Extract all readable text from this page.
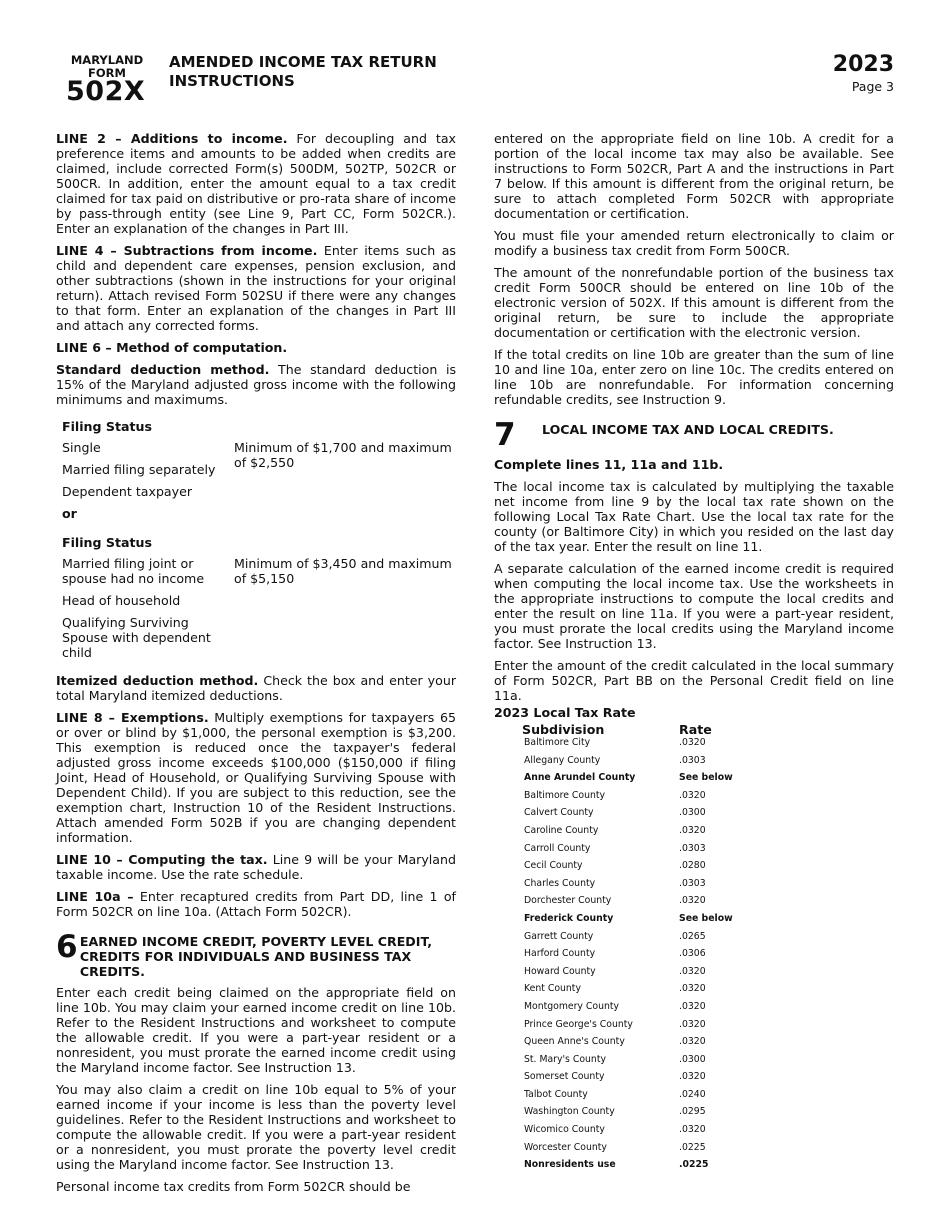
MARYLAND
FORM
502X
AMENDED INCOME TAX RETURN
INSTRUCTIONS
2023
Page 3

LINE 2 – Additions to income. For decoupling and tax preference items and amounts to be added when credits are claimed, include corrected Form(s) 500DM, 502TP, 502CR or 500CR. In addition, enter the amount equal to a tax credit claimed for tax paid on distributive or pro-rata share of income by pass-through entity (see Line 9, Part CC, Form 502CR.). Enter an explanation of the changes in Part III.

LINE 4 – Subtractions from income. Enter items such as child and dependent care expenses, pension exclusion, and other subtractions (shown in the instructions for your original return). Attach revised Form 502SU if there were any changes to that form. Enter an explanation of the changes in Part III and attach any corrected forms.

LINE 6 – Method of computation.

Standard deduction method. The standard deduction is 15% of the Maryland adjusted gross income with the following minimums and maximums.

Filing Status
Single
Married filing separately
Dependent taxpayer
or
Minimum of $1,700 and maximum of $2,550
Filing Status
Married filing joint or spouse had no income
Head of household
Qualifying Surviving Spouse with dependent child
Minimum of $3,450 and maximum of $5,150

Itemized deduction method. Check the box and enter your total Maryland itemized deductions.

LINE 8 – Exemptions. Multiply exemptions for taxpayers 65 or over or blind by $1,000, the personal exemption is $3,200. This exemption is reduced once the taxpayer's federal adjusted gross income exceeds $100,000 ($150,000 if filing Joint, Head of Household, or Qualifying Surviving Spouse with Dependent Child). If you are subject to this reduction, see the exemption chart, Instruction 10 of the Resident Instructions. Attach amended Form 502B if you are changing dependent information.

LINE 10 – Computing the tax. Line 9 will be your Maryland taxable income. Use the rate schedule.

LINE 10a – Enter recaptured credits from Part DD, line 1 of Form 502CR on line 10a. (Attach Form 502CR).

6 EARNED INCOME CREDIT, POVERTY LEVEL CREDIT, CREDITS FOR INDIVIDUALS AND BUSINESS TAX CREDITS.

Enter each credit being claimed on the appropriate field on line 10b. You may claim your earned income credit on line 10b. Refer to the Resident Instructions and worksheet to compute the allowable credit. If you were a part-year resident or a nonresident, you must prorate the earned income credit using the Maryland income factor. See Instruction 13.

You may also claim a credit on line 10b equal to 5% of your earned income if your income is less than the poverty level guidelines. Refer to the Resident Instructions and worksheet to compute the allowable credit. If you were a part-year resident or a nonresident, you must prorate the poverty level credit using the Maryland income factor. See Instruction 13.

Personal income tax credits from Form 502CR should be

entered on the appropriate field on line 10b. A credit for a portion of the local income tax may also be available. See instructions to Form 502CR, Part A and the instructions in Part 7 below. If this amount is different from the original return, be sure to attach completed Form 502CR with appropriate documentation or certification.

You must file your amended return electronically to claim or modify a business tax credit from Form 500CR.

The amount of the nonrefundable portion of the business tax credit Form 500CR should be entered on line 10b of the electronic version of 502X. If this amount is different from the original return, be sure to include the appropriate documentation or certification with the electronic version.

If the total credits on line 10b are greater than the sum of line 10 and line 10a, enter zero on line 10c. The credits entered on line 10b are nonrefundable. For information concerning refundable credits, see Instruction 9.

7	LOCAL INCOME TAX AND LOCAL CREDITS.

Complete lines 11, 11a and 11b.

The local income tax is calculated by multiplying the taxable net income from line 9 by the local tax rate shown on the following Local Tax Rate Chart. Use the local tax rate for the county (or Baltimore City) in which you resided on the last day of the tax year. Enter the result on line 11.

A separate calculation of the earned income credit is required when computing the local income tax. Use the worksheets in the appropriate instructions to compute the local credits and enter the result on line 11a. If you were a part-year resident, you must prorate the local credits using the Maryland income factor. See Instruction 13.

Enter the amount of the credit calculated in the local summary of Form 502CR, Part BB on the Personal Credit field on line 11a.

2023 Local Tax Rate
Subdivision	Rate
Baltimore City	.0320
Allegany County	.0303
Anne Arundel County	See below
Baltimore County	.0320
Calvert County	.0300
Caroline County	.0320
Carroll County	.0303
Cecil County	.0280
Charles County	.0303
Dorchester County	.0320
Frederick County	See below
Garrett County	.0265
Harford County	.0306
Howard County	.0320
Kent County	.0320
Montgomery County	.0320
Prince George's County	.0320
Queen Anne's County	.0320
St. Mary's County	.0300
Somerset County	.0320
Talbot County	.0240
Washington County	.0295
Wicomico County	.0320
Worcester County	.0225
Nonresidents use	.0225
